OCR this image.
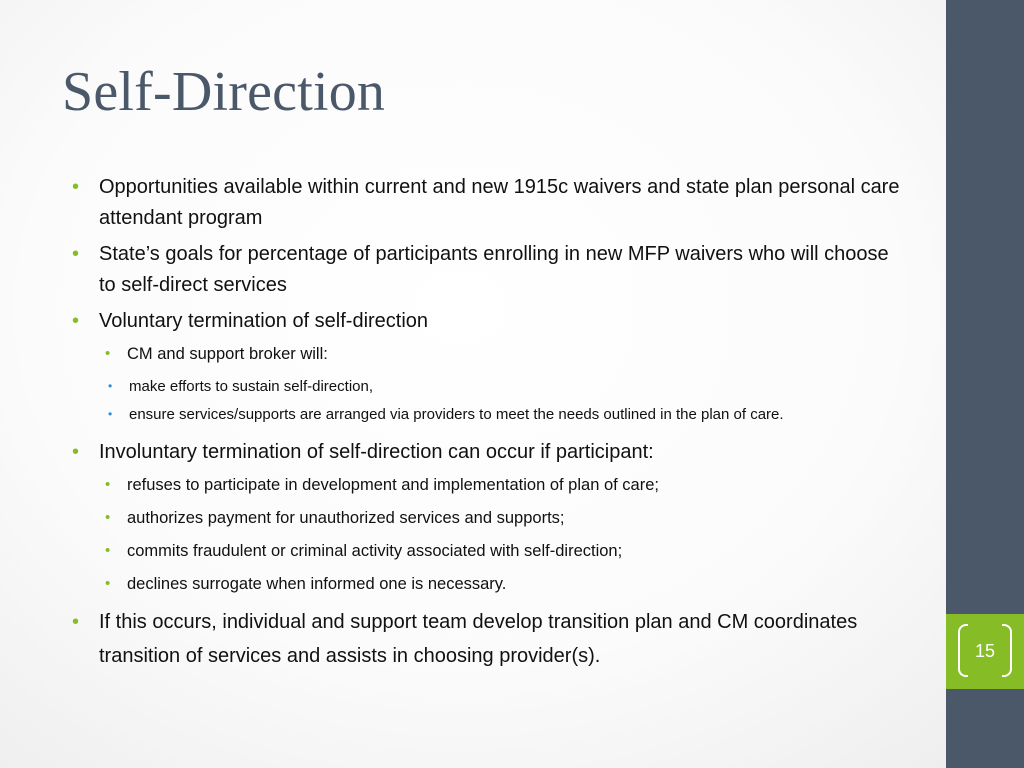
15
Self-Direction
• Opportunities available within current and new 1915c waivers and state plan personal care attendant program
• State’s goals for percentage of participants enrolling in new MFP waivers who will choose to self-direct services
• Voluntary termination of self-direction
• CM and support broker will:
• make efforts to sustain self-direction,
• ensure services/supports are arranged via providers to meet the needs outlined in the plan of care.
• Involuntary termination of self-direction can occur if participant:
• refuses to participate in development and implementation of plan of care;
• authorizes payment for unauthorized services and supports;
• commits fraudulent or criminal activity associated with self-direction;
• declines surrogate when informed one is necessary.
• If this occurs, individual and support team develop transition plan and CM coordinates transition of services and assists in choosing provider(s).
